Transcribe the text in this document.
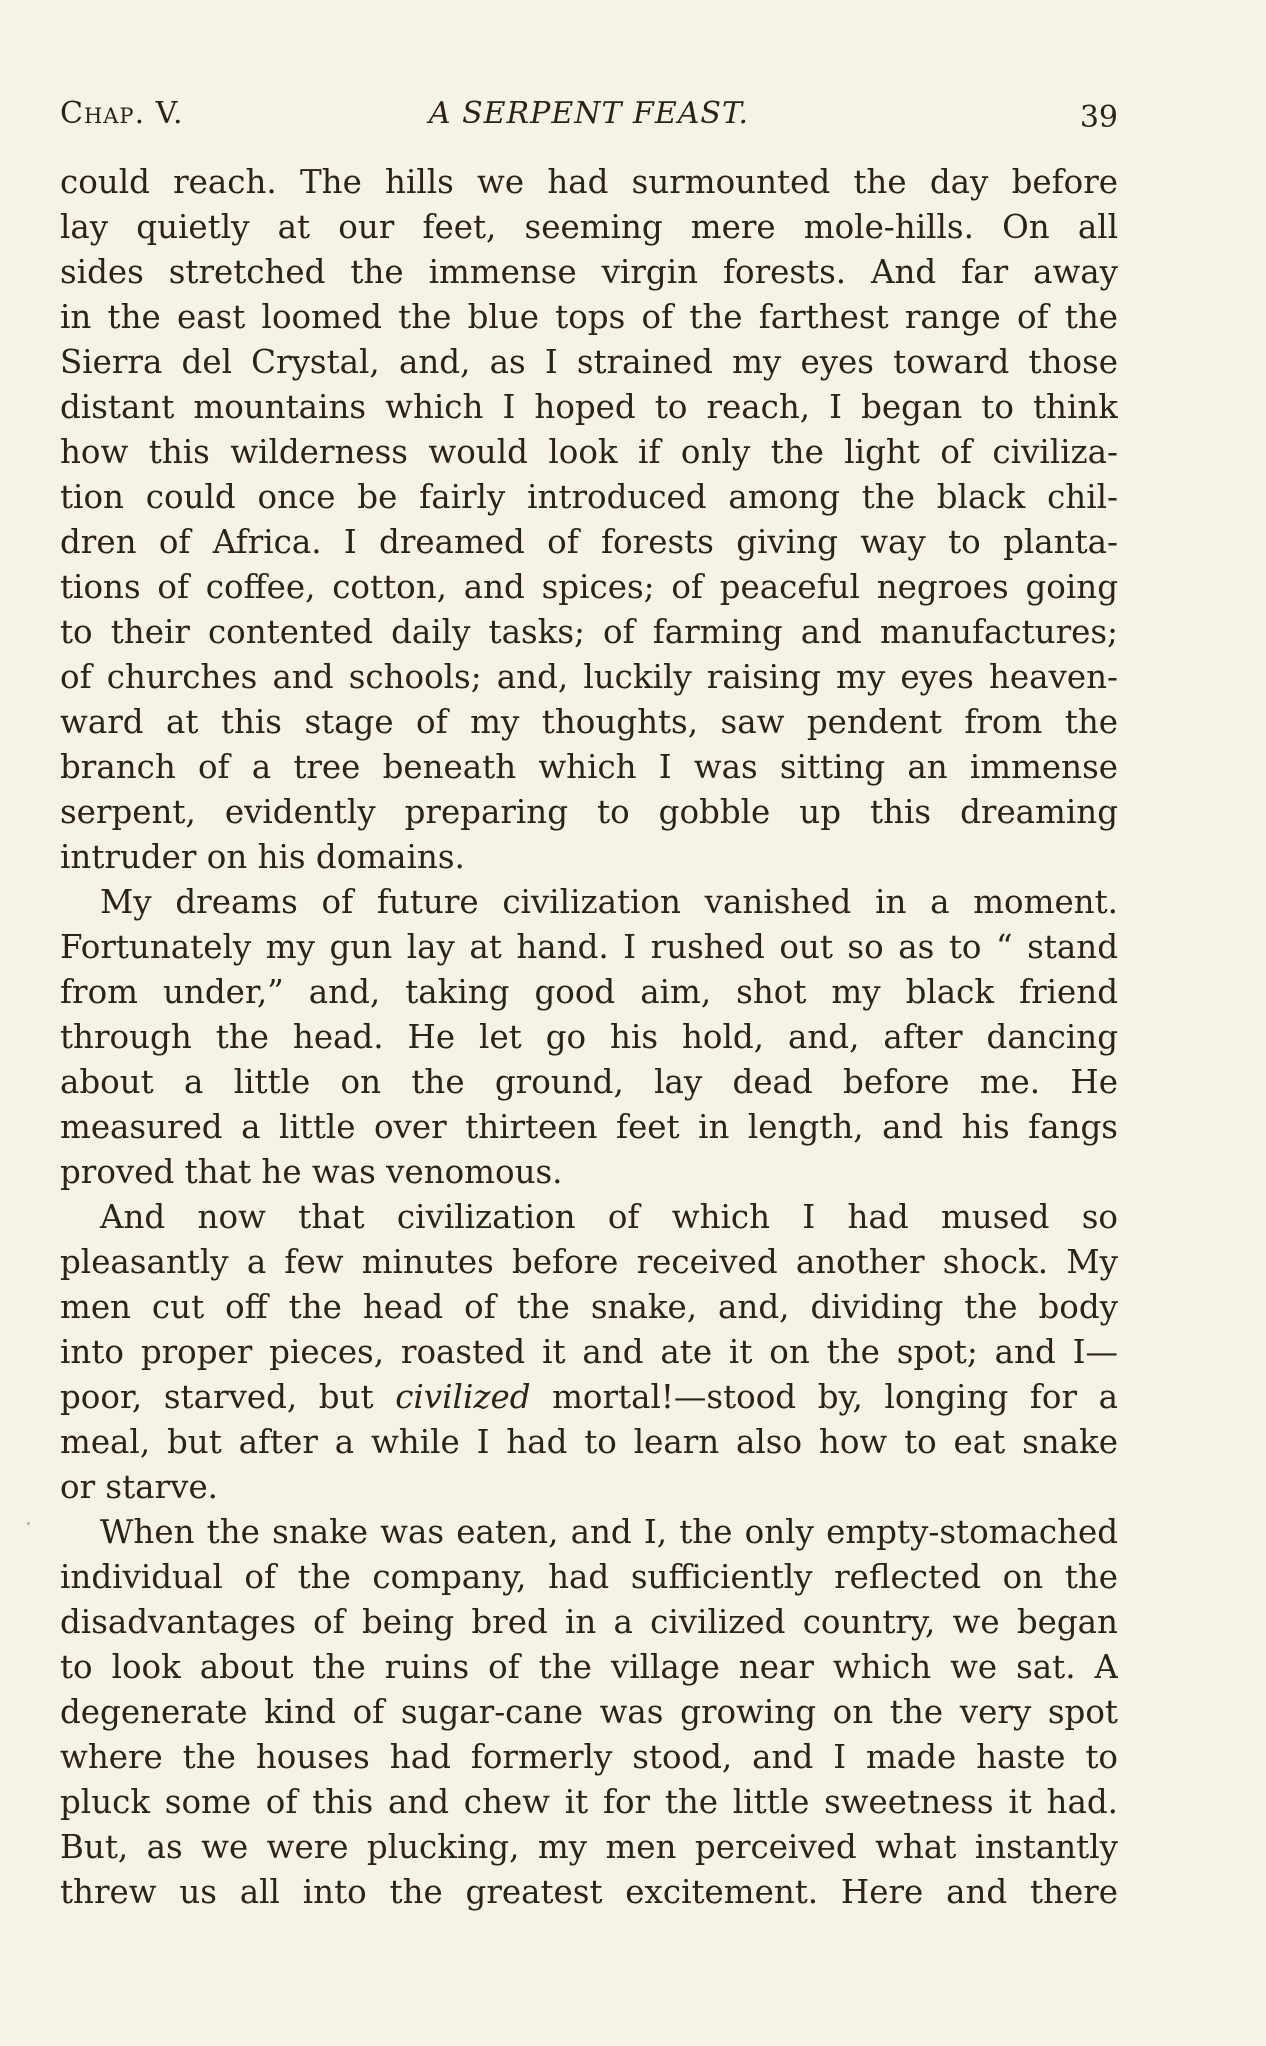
Chap. V.	A SERPENT FEAST.	39
could reach. The hills we had surmounted the day before
lay quietly at our feet, seeming mere mole-hills. On all
sides stretched the immense virgin forests. And far away
in the east loomed the blue tops of the farthest range of the
Sierra del Crystal, and, as I strained my eyes toward those
distant mountains which I hoped to reach, I began to think
how this wilderness would look if only the light of civiliza-
tion could once be fairly introduced among the black chil-
dren of Africa. I dreamed of forests giving way to planta-
tions of coffee, cotton, and spices; of peaceful negroes going
to their contented daily tasks; of farming and manufactures;
of churches and schools; and, luckily raising my eyes heaven-
ward at this stage of my thoughts, saw pendent from the
branch of a tree beneath which I was sitting an immense
serpent, evidently preparing to gobble up this dreaming
intruder on his domains.
My dreams of future civilization vanished in a moment.
Fortunately my gun lay at hand. I rushed out so as to “ stand
from under,” and, taking good aim, shot my black friend
through the head. He let go his hold, and, after dancing
about a little on the ground, lay dead before me. He
measured a little over thirteen feet in length, and his fangs
proved that he was venomous.
And now that civilization of which I had mused so
pleasantly a few minutes before received another shock. My
men cut off the head of the snake, and, dividing the body
into proper pieces, roasted it and ate it on the spot; and I—
poor, starved, but civilized mortal!—stood by, longing for a
meal, but after a while I had to learn also how to eat snake
or starve.
When the snake was eaten, and I, the only empty-stomached
individual of the company, had sufficiently reflected on the
disadvantages of being bred in a civilized country, we began
to look about the ruins of the village near which we sat. A
degenerate kind of sugar-cane was growing on the very spot
where the houses had formerly stood, and I made haste to
pluck some of this and chew it for the little sweetness it had.
But, as we were plucking, my men perceived what instantly
threw us all into the greatest excitement. Here and there
